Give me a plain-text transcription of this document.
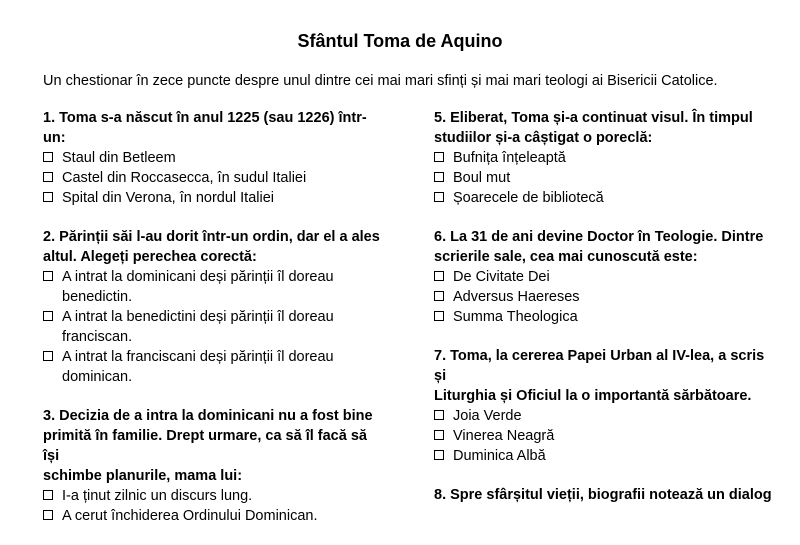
Sfântul Toma de Aquino
Un chestionar în zece puncte despre unul dintre cei mai mari sfinți și mai mari teologi ai Bisericii Catolice.
1. Toma s-a născut în anul 1225 (sau 1226) într-un:
Staul din Betleem
Castel din Roccasecca, în sudul Italiei
Spital din Verona, în nordul Italiei
2. Părinții săi l-au dorit într-un ordin, dar el a ales
altul. Alegeți perechea corectă:
A intrat la dominicani deși părinții îl doreau
benedictin.
A intrat la benedictini deși părinții îl doreau
franciscan.
A intrat la franciscani deși părinții îl doreau
dominican.
3. Decizia de a intra la dominicani nu a fost bine
primită în familie. Drept urmare, ca să îl facă să își
schimbe planurile, mama lui:
I-a ținut zilnic un discurs lung.
A cerut închiderea Ordinului Dominican.
5. Eliberat, Toma și-a continuat visul. În timpul
studiilor și-a câștigat o poreclă:
Bufnița înțeleaptă
Boul mut
Șoarecele de bibliotecă
6. La 31 de ani devine Doctor în Teologie. Dintre
scrierile sale, cea mai cunoscută este:
De Civitate Dei
Adversus Haereses
Summa Theologica
7. Toma, la cererea Papei Urban al IV-lea, a scris și
Liturghia și Oficiul la o importantă sărbătoare.
Joia Verde
Vinerea Neagră
Duminica Albă
8. Spre sfârșitul vieții, biografii notează un dialog
